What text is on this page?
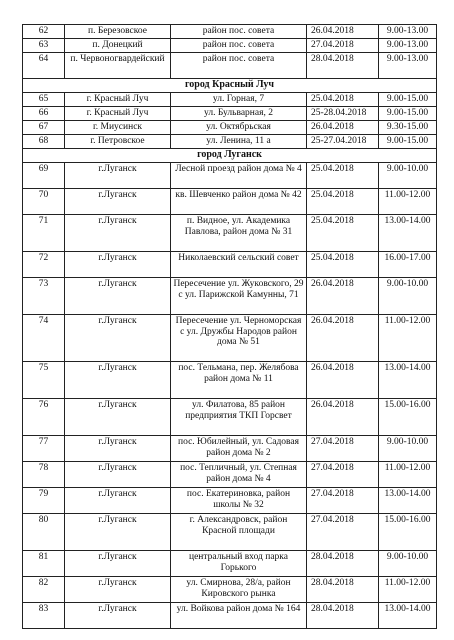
62	п. Березовское	район пос. совета	26.04.2018	9.00-13.00
63	п. Донецкий	район пос. совета	27.04.2018	9.00-13.00
64	п. Червоногвардейский	район пос. совета	28.04.2018	9.00-13.00
город Красный Луч				
65	г. Красный Луч	ул. Горная, 7	25.04.2018	9.00-15.00
66	г. Красный Луч	ул. Бульварная, 2	25-28.04.2018	9.00-15.00
67	г. Миусинск	ул. Октябрьская	26.04.2018	9.30-15.00
68	г. Петровское	ул. Ленина, 11 а	25-27.04.2018	9.00-15.00
город Луганск				
69	г.Луганск	Лесной проезд район дома № 4	25.04.2018	9.00-10.00
70	г.Луганск	кв. Шевченко район дома № 42	25.04.2018	11.00-12.00
71	г.Луганск	п. Видное, ул. Академика Павлова, район дома № 31	25.04.2018	13.00-14.00
72	г.Луганск	Николаевский сельский совет	25.04.2018	16.00-17.00
73	г.Луганск	Пересечение ул. Жуковского, 29 с ул. Парижской Камунны, 71	26.04.2018	9.00-10.00
74	г.Луганск	Пересечение ул. Черноморская с ул. Дружбы Народов район дома № 51	26.04.2018	11.00-12.00
75	г.Луганск	пос. Тельмана, пер. Желябова район дома № 11	26.04.2018	13.00-14.00
76	г.Луганск	ул. Филатова, 85 район предприятия ТКП Горсвет	26.04.2018	15.00-16.00
77	г.Луганск	пос. Юбилейный, ул. Садовая район дома № 2	27.04.2018	9.00-10.00
78	г.Луганск	пос. Тепличный, ул. Степная район дома № 4	27.04.2018	11.00-12.00
79	г.Луганск	пос. Екатериновка, район школы № 32	27.04.2018	13.00-14.00
80	г.Луганск	г. Александровск, район Красной площади	27.04.2018	15.00-16.00
81	г.Луганск	центральный вход парка Горького	28.04.2018	9.00-10.00
82	г.Луганск	ул. Смирнова, 28/а, район Кировского рынка	28.04.2018	11.00-12.00
83	г.Луганск	ул. Войкова район дома № 164	28.04.2018	13.00-14.00
